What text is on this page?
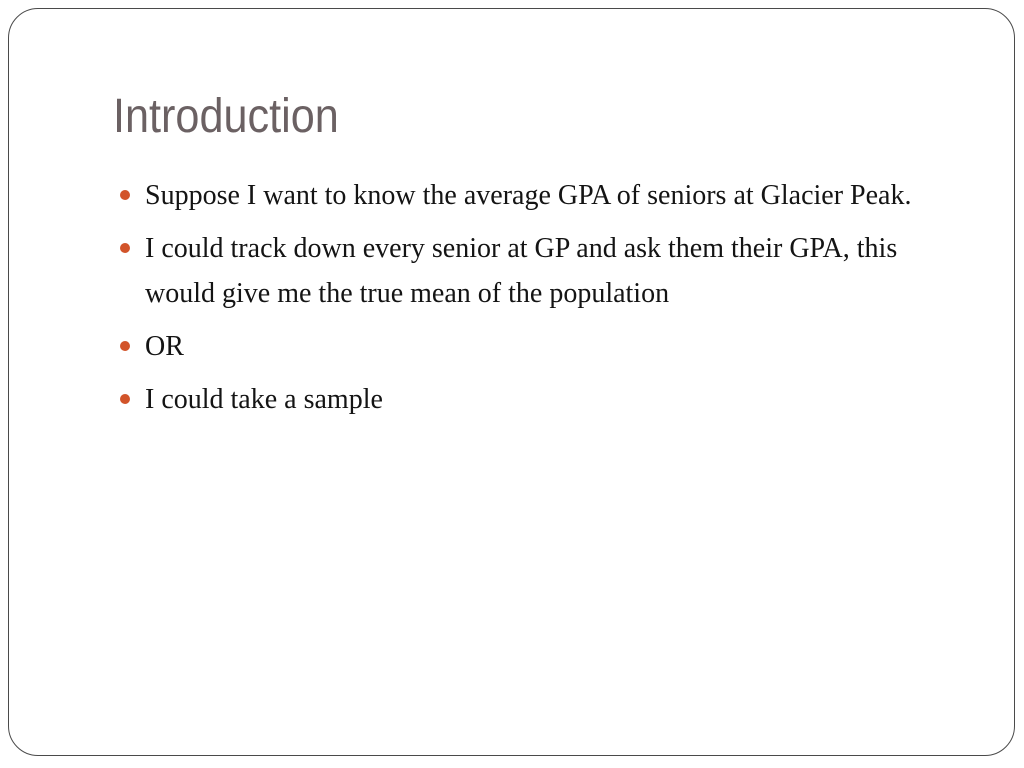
Introduction
Suppose I want to know the average GPA of seniors at Glacier Peak.
I could track down every senior at GP and ask them their GPA, this would give me the true mean of the population
OR
I could take a sample
